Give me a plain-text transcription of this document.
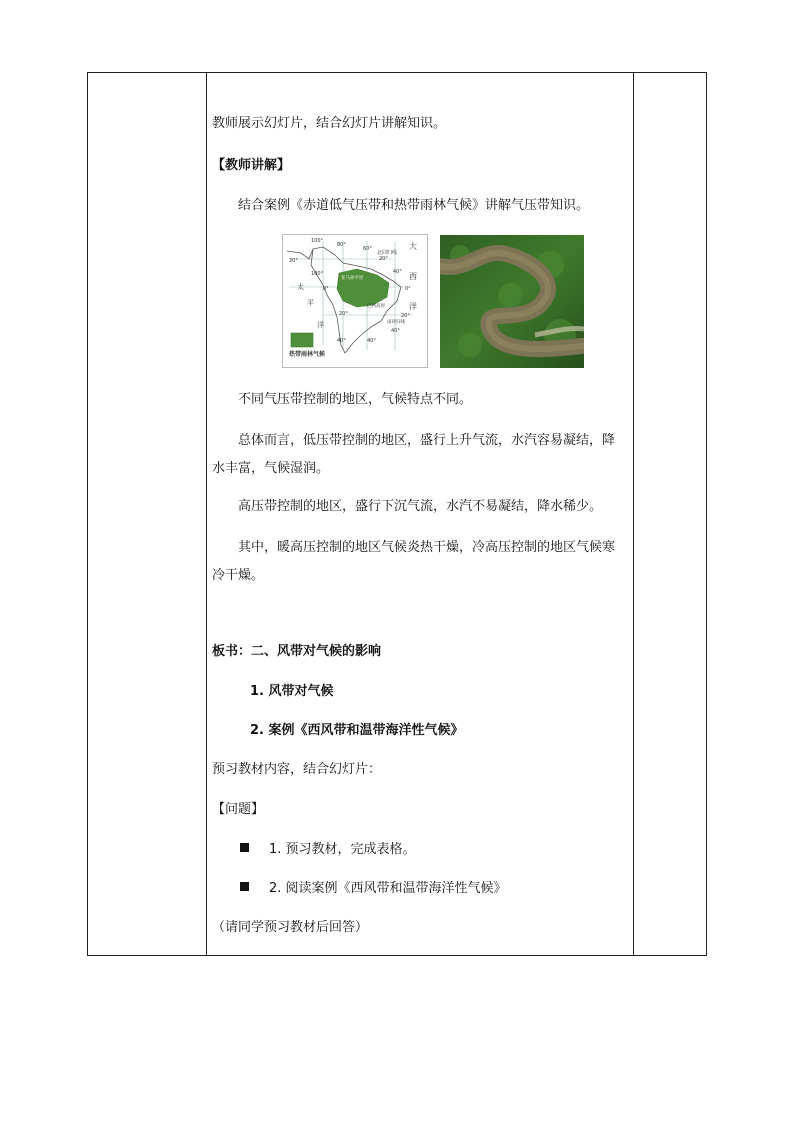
教师展示幻灯片，结合幻灯片讲解知识。
【教师讲解】
结合案例《赤道低气压带和热带雨林气候》讲解气压带知识。
100°
80°
60°
北回归线
20°	20°
亚马孙平原
100°	40°
0°	0°
巴西高原
大
西
洋
太
平
洋
20°	20°
南回归线
40°
40°	40°
热带雨林气候
不同气压带控制的地区，气候特点不同。
总体而言，低压带控制的地区，盛行上升气流，水汽容易凝结，降水丰富，气候湿润。
高压带控制的地区，盛行下沉气流，水汽不易凝结，降水稀少。
其中，暖高压控制的地区气候炎热干燥，冷高压控制的地区气候寒冷干燥。
板书：二、风带对气候的影响
1. 风带对气候
2. 案例《西风带和温带海洋性气候》
预习教材内容，结合幻灯片：
【问题】
1. 预习教材，完成表格。
2. 阅读案例《西风带和温带海洋性气候》
（请同学预习教材后回答）
